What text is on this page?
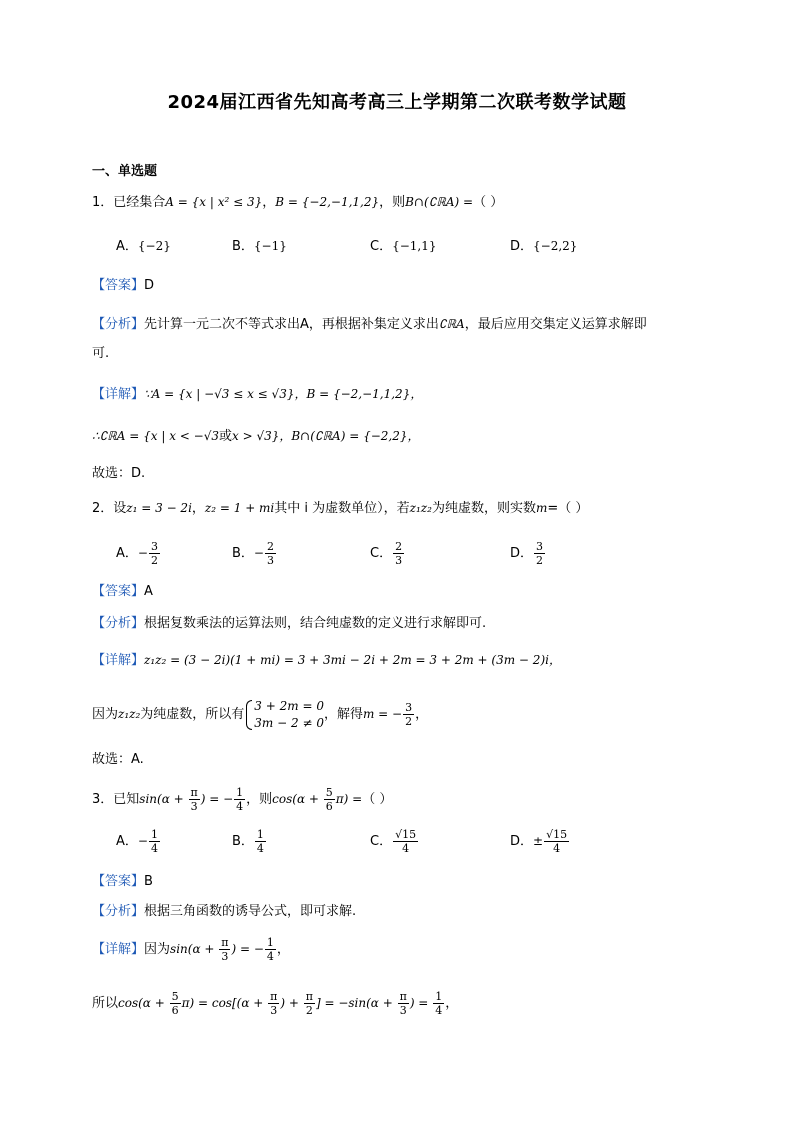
2024届江西省先知高考高三上学期第二次联考数学试题
一、单选题
1．已经集合A = {x | x² ≤ 3}，B = {−2,−1,1,2}，则B∩(∁ℝA) =（ ）
A．{−2}	B．{−1}	C．{−1,1}	D．{−2,2}
【答案】D
【分析】先计算一元二次不等式求出A，再根据补集定义求出∁ℝA，最后应用交集定义运算求解即
可.
【详解】∵A = {x | −√3 ≤ x ≤ √3}，B = {−2,−1,1,2}，
∴∁ℝA = {x | x < −√3或x > √3}，B∩(∁ℝA) = {−2,2}，
故选：D.
2．设z₁ = 3 − 2i，z₂ = 1 + mi其中 i 为虚数单位），若z₁z₂为纯虚数，则实数m=（ ）
A．− $\frac{3}{2}$	B．− $\frac{2}{3}$	C． $\frac{2}{3}$	D． $\frac{3}{2}$
【答案】A
【分析】根据复数乘法的运算法则，结合纯虚数的定义进行求解即可.
【详解】z₁z₂ = (3 − 2i)(1 + mi) = 3 + 3mi − 2i + 2m = 3 + 2m + (3m − 2)i，
因为z₁z₂为纯虚数，所以有
3 + 2m = 0
3m − 2 ≠ 0
，解得m = − $\frac{3}{2}$ ，
故选：A.
3．已知$\sin(\alpha + \frac{\pi}{3}$ ) = − $\frac{1}{4}$ ，则$\cos(\alpha + \frac{5}{6} \pi)$ =（ ）
A．− $\frac{1}{4}$	B． $\frac{1}{4}$	C． $\frac{√15}{4}$	D．± $\frac{√15}{4}$
【答案】B
【分析】根据三角函数的诱导公式，即可求解.
【详解】因为$\sin(\alpha + \frac{\pi}{3}$ ) = − $\frac{1}{4}$ ，
所以$\cos(\alpha + \frac{5}{6} \pi) = \cos[(\alpha + \frac{\pi}{3}$ ) + $\frac{\pi}{2}$ ] = $-\sin(\alpha + \frac{\pi}{3}$ ) = $\frac{1}{4}$ ，
